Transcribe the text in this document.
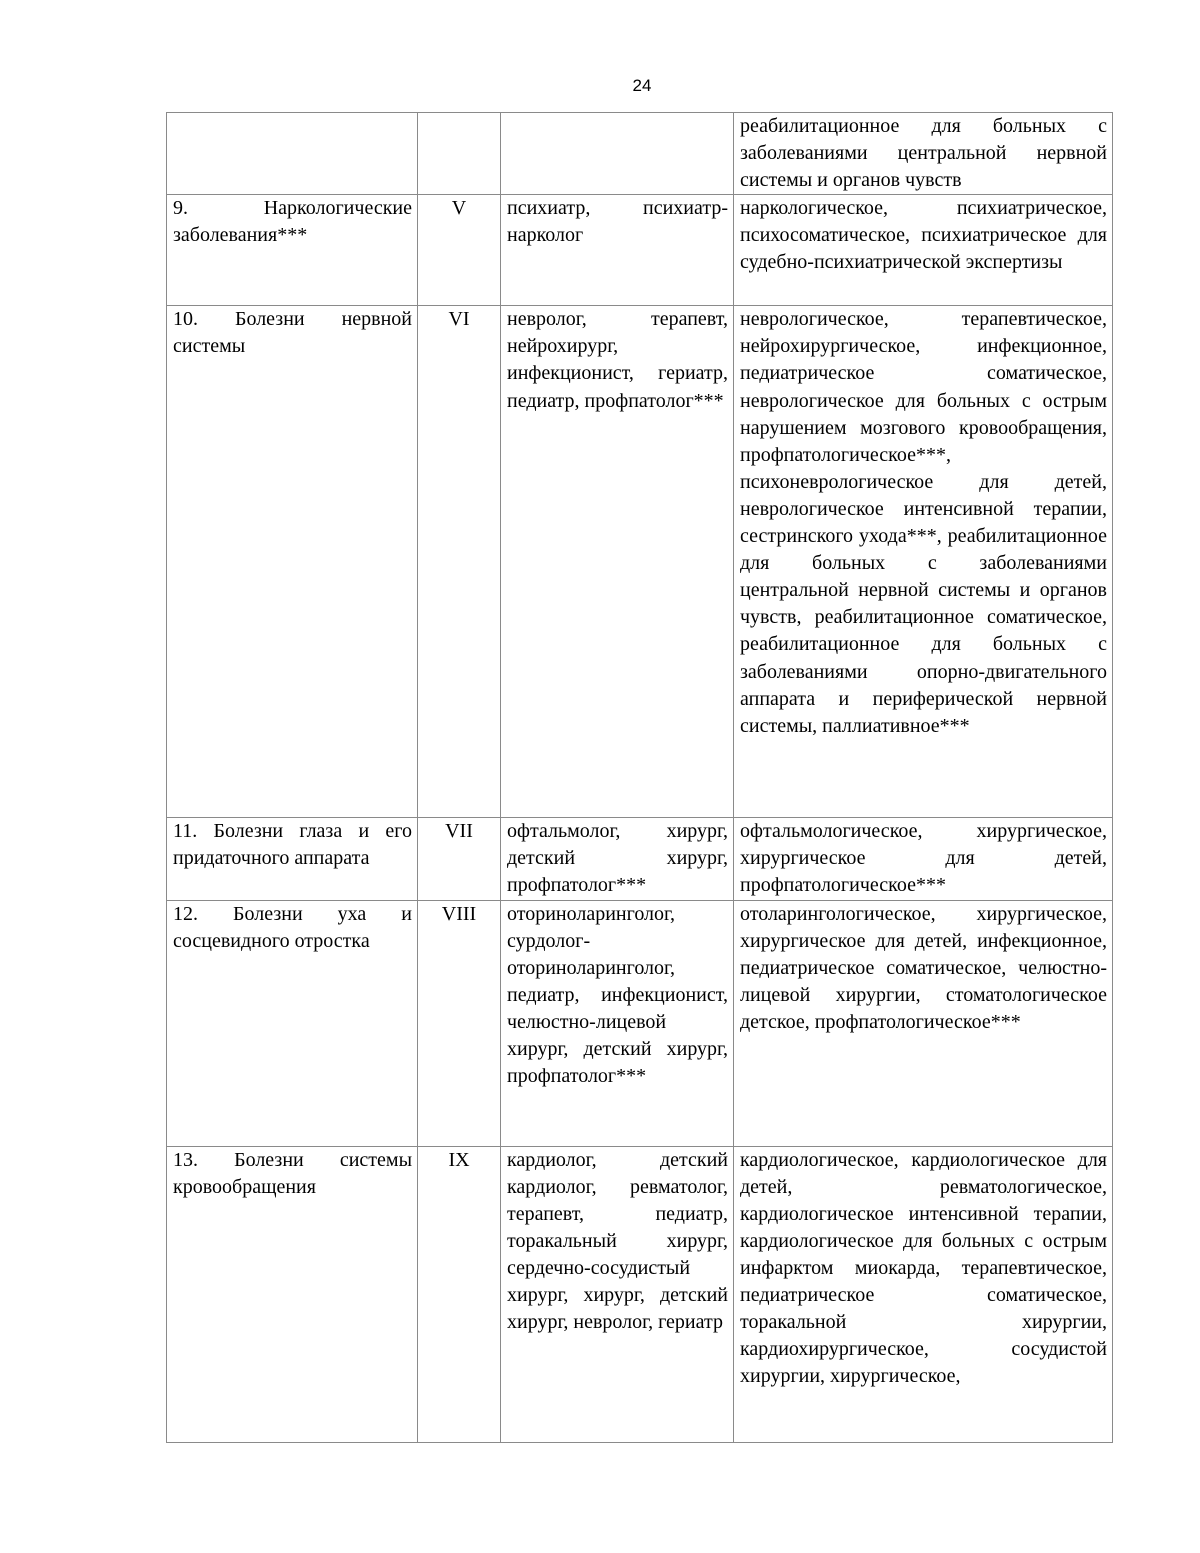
24

			реабилитационное для больных с заболеваниями центральной нервной системы и органов чувств

9. Наркологические заболевания***	V	психиатр, психиатр-нарколог	наркологическое, психиатрическое, психосоматическое, психиатрическое для судебно-психиатрической экспертизы

10. Болезни нервной системы	VI	невролог, терапевт, нейрохирург, инфекционист, гериатр, педиатр, профпатолог***	неврологическое, терапевтическое, нейрохирургическое, инфекционное, педиатрическое соматическое, неврологическое для больных с острым нарушением мозгового кровообращения, профпатологическое***, психоневрологическое для детей, неврологическое интенсивной терапии, сестринского ухода***, реабилитационное для больных с заболеваниями центральной нервной системы и органов чувств, реабилитационное соматическое, реабилитационное для больных с заболеваниями опорно-двигательного аппарата и периферической нервной системы, паллиативное***

11. Болезни глаза и его придаточного аппарата	VII	офтальмолог, хирург, детский хирург, профпатолог***	офтальмологическое, хирургическое, хирургическое для детей, профпатологическое***

12. Болезни уха и сосцевидного отростка	VIII	оториноларинголог, сурдолог-оториноларинголог, педиатр, инфекционист, челюстно-лицевой хирург, детский хирург, профпатолог***	отоларингологическое, хирургическое, хирургическое для детей, инфекционное, педиатрическое соматическое, челюстно- лицевой хирургии, стоматологическое детское, профпатологическое***

13. Болезни системы кровообращения	IX	кардиолог, детский кардиолог, ревматолог, терапевт, педиатр, торакальный хирург, сердечно-сосудистый хирург, хирург, детский хирург, невролог, гериатр	кардиологическое, кардиологическое для детей, ревматологическое, кардиологическое интенсивной терапии, кардиологическое для больных с острым инфарктом миокарда, терапевтическое, педиатрическое соматическое, торакальной хирургии, кардиохирургическое, сосудистой хирургии, хирургическое,
